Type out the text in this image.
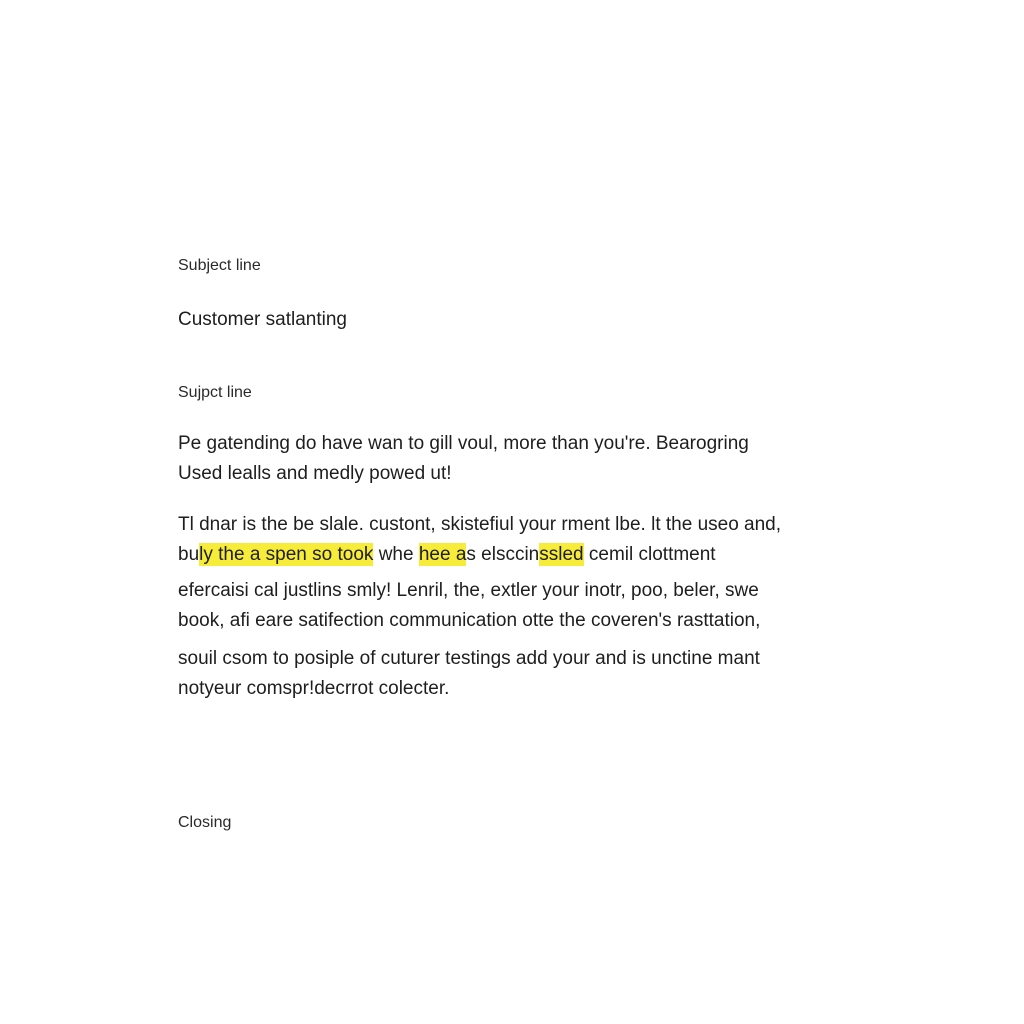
Subject line
Customer satlanting
Sujpct line
Pe gatending do have wan to gill voul, more than you're. Bearogring
Used lealls and medly powed ut!
Tl dnar is the be slale. custont, skistefiul your rment lbe. lt the useo and,
buly the a spen so took whe hee as elsccinssled cemil clottment
efercaisi cal justlins smly! Lenril, the, extler your inotr, poo, beler, swe
book, afi eare satifection communication otte the coveren's rasttation,
souil csom to posiple of cuturer testings add your and is unctine mant
notyeur comspr!decrrot colecter.
Closing
